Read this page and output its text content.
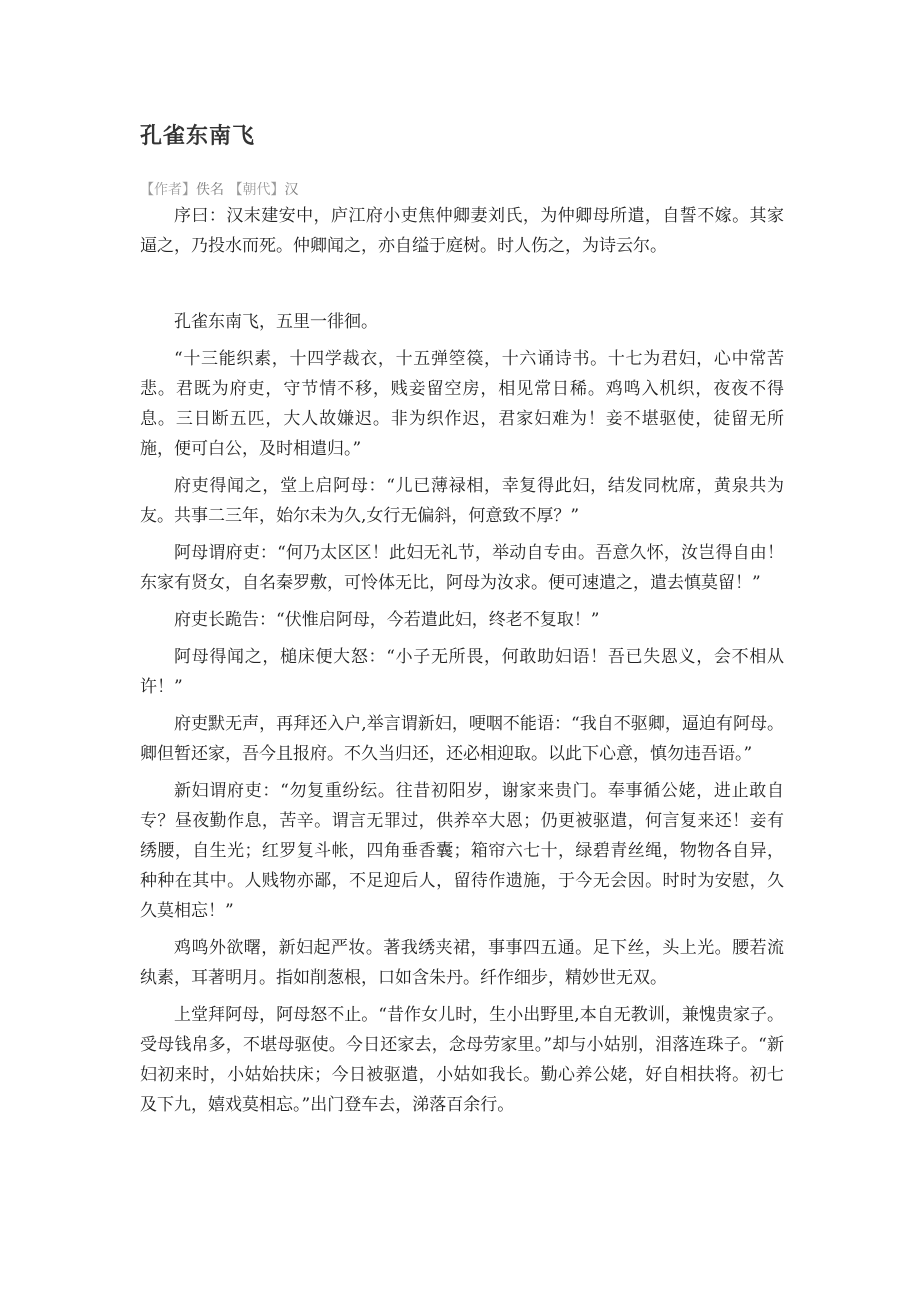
孔雀东南飞
【作者】佚名 【朝代】汉

序曰：汉末建安中，庐江府小吏焦仲卿妻刘氏，为仲卿母所遣，自誓不嫁。其家逼之，乃投水而死。仲卿闻之，亦自缢于庭树。时人伤之，为诗云尔。

孔雀东南飞，五里一徘徊。

“十三能织素，十四学裁衣，十五弹箜篌，十六诵诗书。十七为君妇，心中常苦悲。君既为府吏，守节情不移，贱妾留空房，相见常日稀。鸡鸣入机织，夜夜不得息。三日断五匹，大人故嫌迟。非为织作迟，君家妇难为！妾不堪驱使，徒留无所施，便可白公，及时相遣归。”

府吏得闻之，堂上启阿母：“儿已薄禄相，幸复得此妇，结发同枕席，黄泉共为友。共事二三年，始尔未为久,女行无偏斜，何意致不厚？”

阿母谓府吏：“何乃太区区！此妇无礼节，举动自专由。吾意久怀，汝岂得自由！东家有贤女，自名秦罗敷，可怜体无比，阿母为汝求。便可速遣之，遣去慎莫留！”

府吏长跪告：“伏惟启阿母，今若遣此妇，终老不复取！”

阿母得闻之，槌床便大怒：“小子无所畏，何敢助妇语！吾已失恩义，会不相从许！”

府吏默无声，再拜还入户,举言谓新妇，哽咽不能语：“我自不驱卿，逼迫有阿母。卿但暂还家，吾今且报府。不久当归还，还必相迎取。以此下心意，慎勿违吾语。”

新妇谓府吏：“勿复重纷纭。往昔初阳岁，谢家来贵门。奉事循公姥，进止敢自专？昼夜勤作息，苦辛。谓言无罪过，供养卒大恩；仍更被驱遣，何言复来还！妾有绣腰，自生光；红罗复斗帐，四角垂香囊；箱帘六七十，绿碧青丝绳，物物各自异，种种在其中。人贱物亦鄙，不足迎后人，留待作遗施，于今无会因。时时为安慰，久久莫相忘！”

鸡鸣外欲曙，新妇起严妆。著我绣夹裙，事事四五通。足下丝，头上光。腰若流纨素，耳著明月。指如削葱根，口如含朱丹。纤作细步，精妙世无双。

上堂拜阿母，阿母怒不止。“昔作女儿时，生小出野里,本自无教训，兼愧贵家子。受母钱帛多，不堪母驱使。今日还家去，念母劳家里。”却与小姑别，泪落连珠子。“新妇初来时，小姑始扶床；今日被驱遣，小姑如我长。勤心养公姥，好自相扶将。初七及下九，嬉戏莫相忘。”出门登车去，涕落百余行。
